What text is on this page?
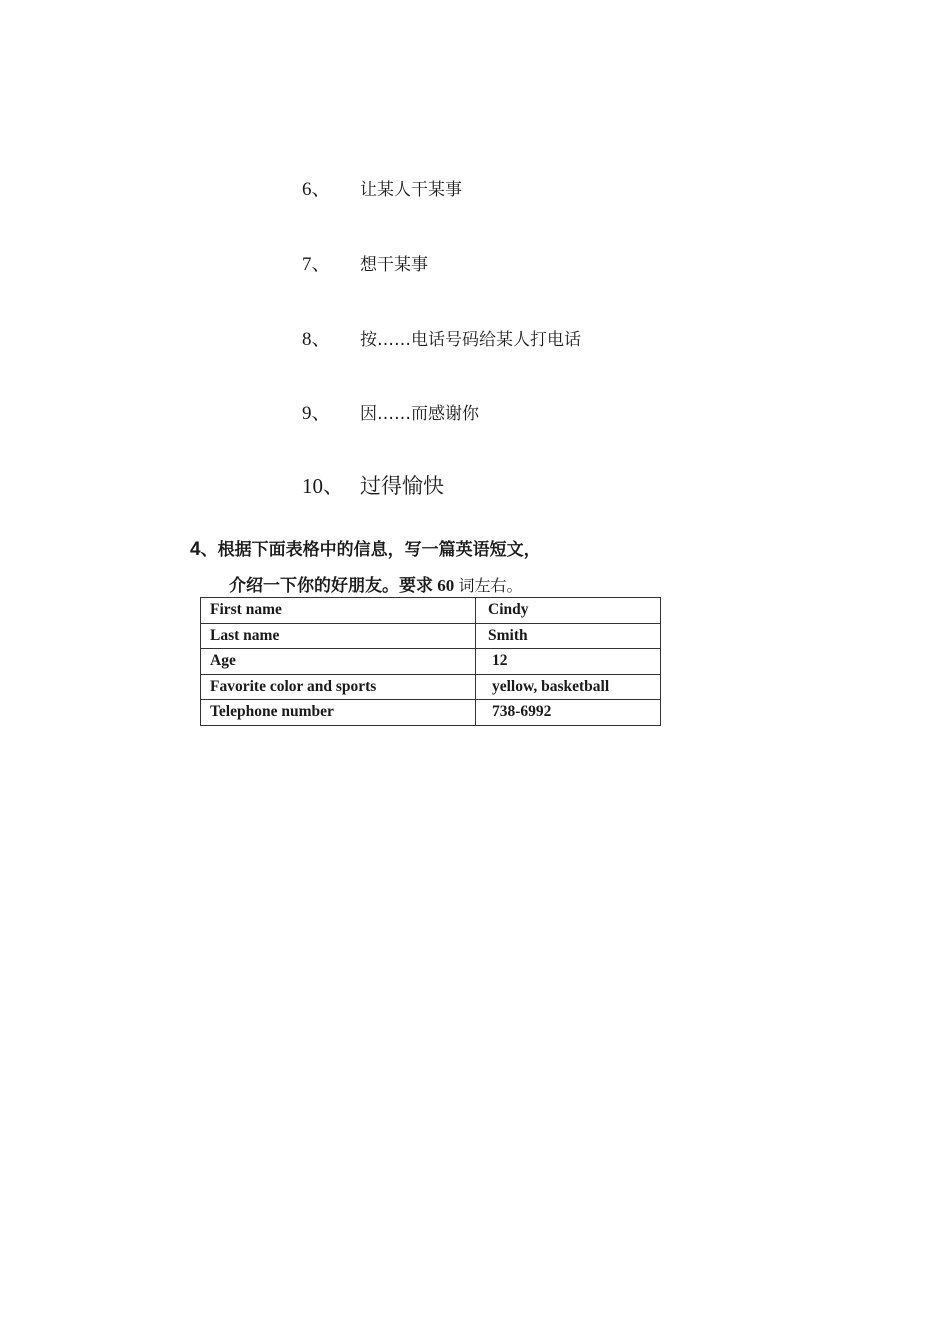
6、	让某人干某事
7、	想干某事
8、	按……电话号码给某人打电话
9、	因……而感谢你
10、 过得愉快
4、根据下面表格中的信息，写一篇英语短文，
介绍一下你的好朋友。要求 60 词左右。
First name	Cindy
Last name	Smith
Age	12
Favorite color and sports	yellow, basketball
Telephone number	738-6992
